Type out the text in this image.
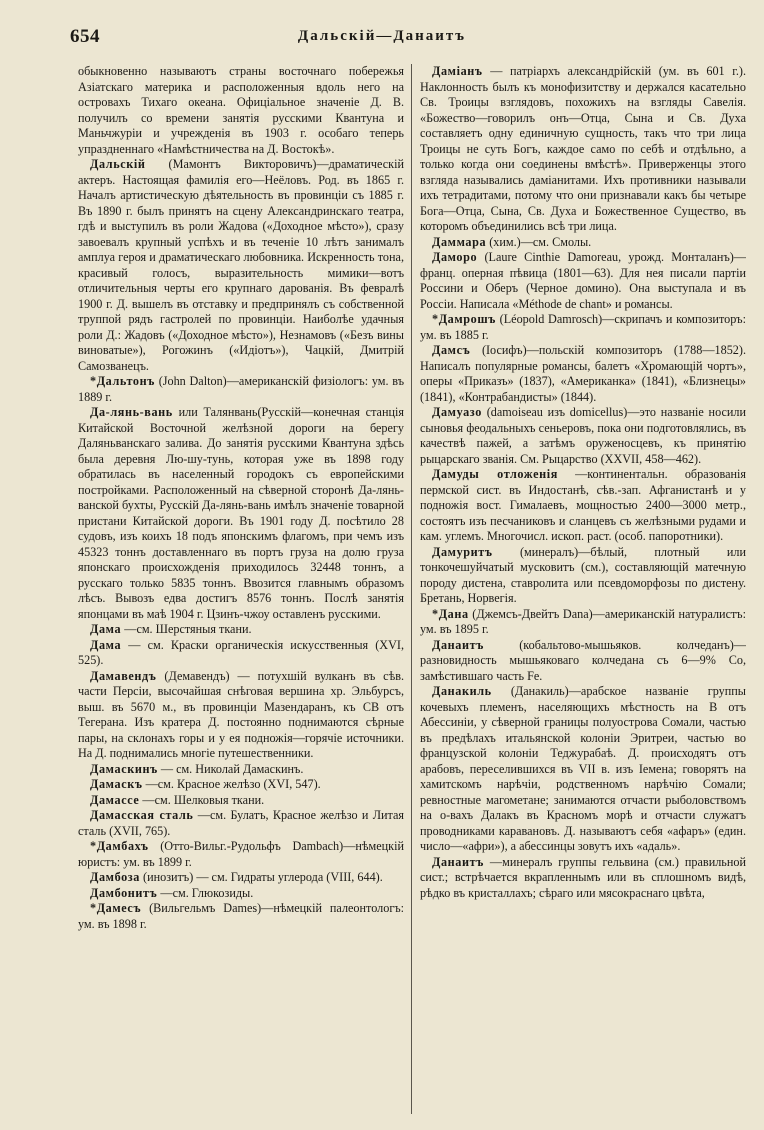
654	Дальскій—Данаитъ

обыкновенно называютъ страны восточнаго побережья Азіатскаго материка и расположенныя вдоль него на островахъ Тихаго океана. Офиціальное значеніе Д. В. получилъ со времени занятія русскими Квантуна и Маньчжуріи и учрежденія въ 1903 г. особаго теперь упраздненнаго «Намѣстничества на Д. Востокѣ».

Дальскій (Мамонтъ Викторовичъ)—драматическій актеръ. Настоящая фамилія его—Неёловъ. Род. въ 1865 г. Началъ артистическую дѣятельность въ провинціи съ 1885 г. Въ 1890 г. былъ принятъ на сцену Александринскаго театра, гдѣ и выступилъ въ роли Жадова («Доходное мѣсто»), сразу завоевалъ крупный успѣхъ и въ теченіе 10 лѣтъ занималъ амплуа героя и драматическаго любовника. Искренность тона, красивый голосъ, выразительность мимики—вотъ отличительныя черты его крупнаго дарованія. Въ февралѣ 1900 г. Д. вышелъ въ отставку и предпринялъ съ собственной труппой рядъ гастролей по провинціи. Наиболѣе удачныя роли Д.: Жадовъ («Доходное мѣсто»), Незнамовъ («Безъ вины виноватые»), Рогожинъ («Идіотъ»), Чацкій, Дмитрій Самозванецъ.

*Дальтонъ (John Dalton)—американскій физіологъ: ум. въ 1889 г.

Да-лянь-вань или Талянвань(Русскій—конечная станція Китайской Восточной желѣзной дороги на берегу Даляньванскаго залива. До занятія русскими Квантуна здѣсь была деревня Лю-шу-тунь, которая уже въ 1898 году обратилась въ населенный городокъ съ европейскими постройками. Расположенный на сѣверной сторонѣ Да-лянь-ванской бухты, Русскій Да-лянь-вань имѣлъ значеніе товарной пристани Китайской дороги. Въ 1901 году Д. посѣтило 28 судовъ, изъ коихъ 18 подъ японскимъ флагомъ, при чемъ изъ 45323 тоннъ доставленнаго въ портъ груза на долю груза японскаго происхожденія приходилось 32448 тоннъ, а русскаго только 5835 тоннъ. Ввозится главнымъ образомъ лѣсъ. Вывозъ едва достигъ 8576 тоннъ. Послѣ занятія японцами въ маѣ 1904 г. Цзинъ-чжоу оставленъ русскими.

Дама —см. Шерстяныя ткани.

Дама — см. Краски органическія искусственныя (XVI, 525).

Дамавендъ (Демавендъ) — потухшій вулканъ въ сѣв. части Персіи, высочайшая снѣговая вершина хр. Эльбурсъ, выш. въ 5670 м., въ провинціи Мазендаранъ, къ СВ отъ Тегерана. Изъ кратера Д. постоянно поднимаются сѣрные пары, на склонахъ горы и у ея подножія—горячіе источники. На Д. поднимались многіе путешественники.

Дамаскинъ — см. Николай Дамаскинъ.

Дамаскъ —см. Красное желѣзо (XVI, 547).

Дамассе —см. Шелковыя ткани.

Дамасская сталь —см. Булатъ, Красное желѣзо и Литая сталь (XVII, 765).

*Дамбахъ (Отто-Вильг.-Рудольфъ Dambach)—нѣмецкій юристъ: ум. въ 1899 г.

Дамбоза (инозитъ) — см. Гидраты углерода (VIII, 644).

Дамбонитъ —см. Глюкозиды.

*Дамесъ (Вильгельмъ Dames)—нѣмецкій палеонтологъ: ум. въ 1898 г.

Даміанъ — патріархъ александрійскій (ум. въ 601 г.). Наклонность былъ къ монофизитству и держался касательно Св. Троицы взглядовъ, похожихъ на взгляды Савелія. «Божество—говорилъ онъ—Отца, Сына и Св. Духа составляетъ одну единичную сущность, такъ что три лица Троицы не суть Богъ, каждое само по себѣ и отдѣльно, а только когда они соединены вмѣстѣ». Приверженцы этого взгляда назывались даміанитами. Ихъ противники называли ихъ тетрадитами, потому что они признавали какъ бы четыре Бога—Отца, Сына, Св. Духа и Божественное Существо, въ которомъ объединились всѣ три лица.

Даммара (хим.)—см. Смолы.

Даморо (Laure Cinthie Damoreau, урожд. Монталанъ)—франц. оперная пѣвица (1801—63). Для нея писали партіи Россини и Оберъ (Черное домино). Она выступала и въ Россіи. Написала «Méthode de chant» и романсы.

*Дамрошъ (Léopold Damrosch)—скрипачъ и композиторъ: ум. въ 1885 г.

Дамсъ (Іосифъ)—польскій композиторъ (1788—1852). Написалъ популярные романсы, балетъ «Хромающій чортъ», оперы «Приказъ» (1837), «Американка» (1841), «Близнецы» (1841), «Контрабандисты» (1844).

Дамуазо (damoiseau изъ domicellus)—это названіе носили сыновья феодальныхъ сеньеровъ, пока они подготовлялись, въ качествѣ пажей, а затѣмъ оруженосцевъ, къ принятію рыцарскаго званія. См. Рыцарство (XXVII, 458—462).

Дамуды отложенія —континентальн. образованія пермской сист. въ Индостанѣ, сѣв.-зап. Афганистанѣ и у подножія вост. Гималаевъ, мощностью 2400—3000 метр., состоятъ изъ песчаниковъ и сланцевъ съ желѣзными рудами и кам. углемъ. Многочисл. ископ. раст. (особ. папоротники).

Дамуритъ (минералъ)—бѣлый, плотный или тонкочешуйчатый мусковитъ (см.), составляющій матечную породу дистена, ставролита или псевдоморфозы по дистену. Бретань, Норвегія.

*Дана (Джемсъ-Двейтъ Dana)—американскій натуралистъ: ум. въ 1895 г.

Данаитъ	(кобальтово-мышьяков. колчеданъ)—разновидность мышьяковаго колчедана съ 6—9% Co, замѣстившаго часть Fe.

Данакиль (Данакиль)—арабское названіе группы кочевыхъ племенъ, населяющихъ мѣстность на В отъ Абессиніи, у сѣверной границы полуострова Сомали, частью въ предѣлахъ итальянской колоніи Эритреи, частью во французской колоніи Теджурабаѣ. Д. происходятъ отъ арабовъ, переселившихся въ VII в. изъ Іемена; говорятъ на хамитскомъ нарѣчіи, родственномъ нарѣчію Сомали; ревностные магометане; занимаются отчасти рыболовствомъ на о-вахъ Далакъ въ Красномъ морѣ и отчасти служатъ проводниками каравановъ. Д. называютъ себя «афаръ» (един. число—«афри»), а абессинцы зовутъ ихъ «адаль».

Данаитъ —минералъ группы гельвина (см.) правильной сист.; встрѣчается вкрапленнымъ или въ сплошномъ видѣ, рѣдко въ кристаллахъ; сѣраго или мясокраснаго цвѣта,
